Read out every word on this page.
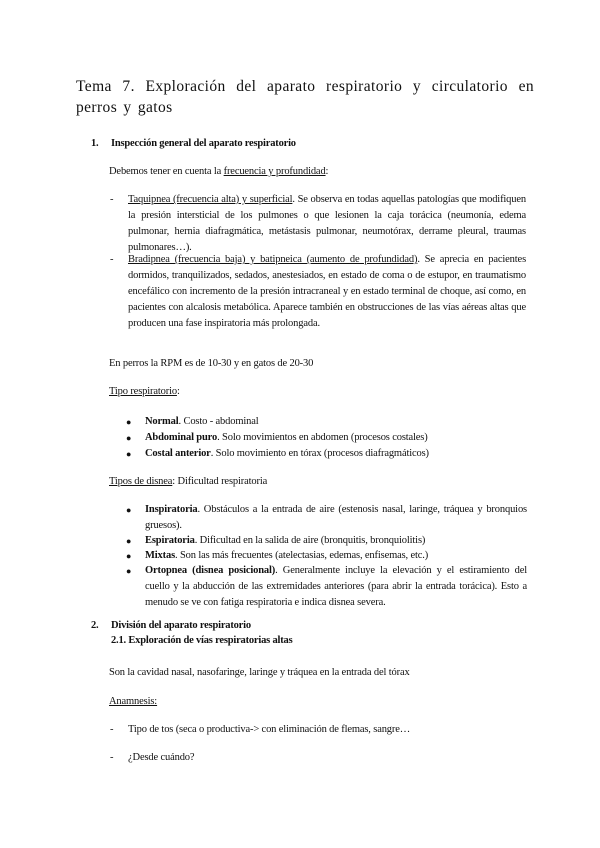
Tema 7. Exploración del aparato respiratorio y circulatorio en perros y gatos
1. Inspección general del aparato respiratorio
Debemos tener en cuenta la frecuencia y profundidad:
- Taquipnea (frecuencia alta) y superficial. Se observa en todas aquellas patologías que modifiquen la presión intersticial de los pulmones o que lesionen la caja torácica (neumonía, edema pulmonar, hernia diafragmática, metástasis pulmonar, neumotórax, derrame pleural, traumas pulmonares…).
- Bradipnea (frecuencia baja) y batipneica (aumento de profundidad). Se aprecia en pacientes dormidos, tranquilizados, sedados, anestesiados, en estado de coma o de estupor, en traumatismo encefálico con incremento de la presión intracraneal y en estado terminal de choque, así como, en pacientes con alcalosis metabólica. Aparece también en obstrucciones de las vías aéreas altas que producen una fase inspiratoria más prolongada.
En perros la RPM es de 10-30 y en gatos de 20-30
Tipo respiratorio:
● Normal. Costo - abdominal
● Abdominal puro. Solo movimientos en abdomen (procesos costales)
● Costal anterior. Solo movimiento en tórax (procesos diafragmáticos)
Tipos de disnea: Dificultad respiratoria
● Inspiratoria. Obstáculos a la entrada de aire (estenosis nasal, laringe, tráquea y bronquios gruesos).
● Espiratoria. Dificultad en la salida de aire (bronquitis, bronquiolitis)
● Mixtas. Son las más frecuentes (atelectasias, edemas, enfisemas, etc.)
● Ortopnea (disnea posicional). Generalmente incluye la elevación y el estiramiento del cuello y la abducción de las extremidades anteriores (para abrir la entrada torácica). Esto a menudo se ve con fatiga respiratoria e indica disnea severa.
2. División del aparato respiratorio
2.1. Exploración de vías respiratorias altas
Son la cavidad nasal, nasofaringe, laringe y tráquea en la entrada del tórax
Anamnesis:
- Tipo de tos (seca o productiva-> con eliminación de flemas, sangre…
- ¿Desde cuándo?
